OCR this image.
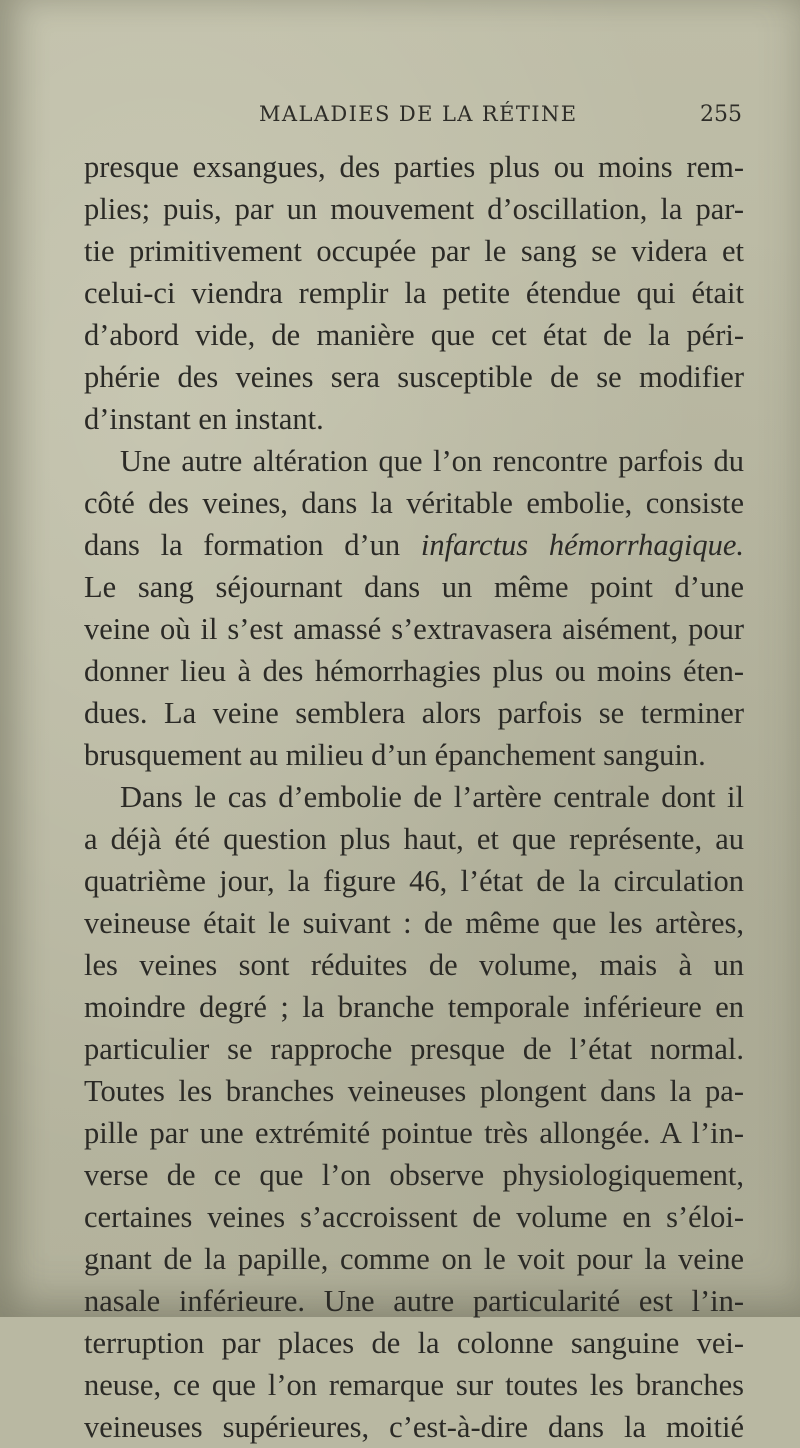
MALADIES DE LA RÉTINE	255
presque exsangues, des parties plus ou moins rem-
plies; puis, par un mouvement d’oscillation, la par-
tie primitivement occupée par le sang se videra et
celui-ci viendra remplir la petite étendue qui était
d’abord vide, de manière que cet état de la péri-
phérie des veines sera susceptible de se modifier
d’instant en instant.
Une autre altération que l’on rencontre parfois du
côté des veines, dans la véritable embolie, consiste
dans la formation d’un infarctus hémorrhagique.
Le sang séjournant dans un même point d’une
veine où il s’est amassé s’extravasera aisément, pour
donner lieu à des hémorrhagies plus ou moins éten-
dues. La veine semblera alors parfois se terminer
brusquement au milieu d’un épanchement sanguin.
Dans le cas d’embolie de l’artère centrale dont il
a déjà été question plus haut, et que représente, au
quatrième jour, la figure 46, l’état de la circulation
veineuse était le suivant : de même que les artères,
les veines sont réduites de volume, mais à un
moindre degré ; la branche temporale inférieure en
particulier se rapproche presque de l’état normal.
Toutes les branches veineuses plongent dans la pa-
pille par une extrémité pointue très allongée. A l’in-
verse de ce que l’on observe physiologiquement,
certaines veines s’accroissent de volume en s’éloi-
gnant de la papille, comme on le voit pour la veine
nasale inférieure. Une autre particularité est l’in-
terruption par places de la colonne sanguine vei-
neuse, ce que l’on remarque sur toutes les branches
veineuses supérieures, c’est-à-dire dans la moitié
